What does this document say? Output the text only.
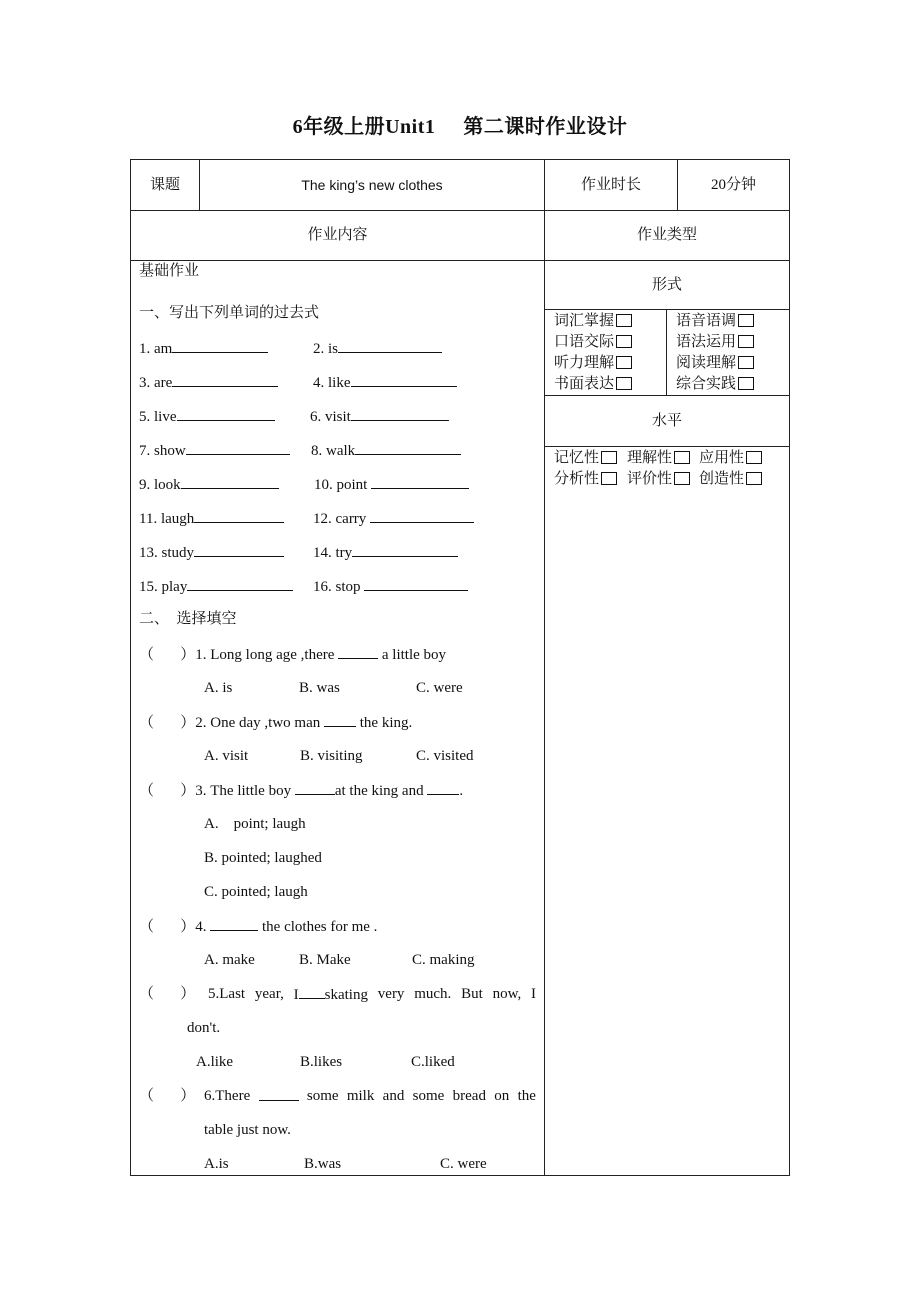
6年级上册Unit1 第二课时作业设计
课题	The king’s new clothes	作业时长	20分钟
作业内容	作业类型
形式
词汇掌握	语音语调
口语交际	语法运用
听力理解	阅读理解
书面表达	综合实践
水平
记忆性	理解性	应用性
分析性	评价性	创造性
基础作业
一、写出下列单词的过去式
1. am	2. is
3. are	4. like
5. live	6. visit
7. show	8. walk
9. look	10. point
11. laugh	12. carry
13. study	14. try
15. play	16. stop
二、  选择填空
（       ）1. Long long age ,there	a little boy
A. is	B. was	C. were
（       ）2. One day ,two man  the king.
A. visit	B. visiting	C. visited
（       ）3. The little boy	at the king and .
A.    point; laugh
B. pointed; laughed
C. pointed; laugh
（       ）4.	the clothes for me .
A. make	B. Make	C. making
（       ） 5.Last year, I skating very much. But now, I
don't.
A.like	B.likes	C.liked
（       ） 6.There	some milk and some bread on the
table just now.
A.is	B.was	C. were
